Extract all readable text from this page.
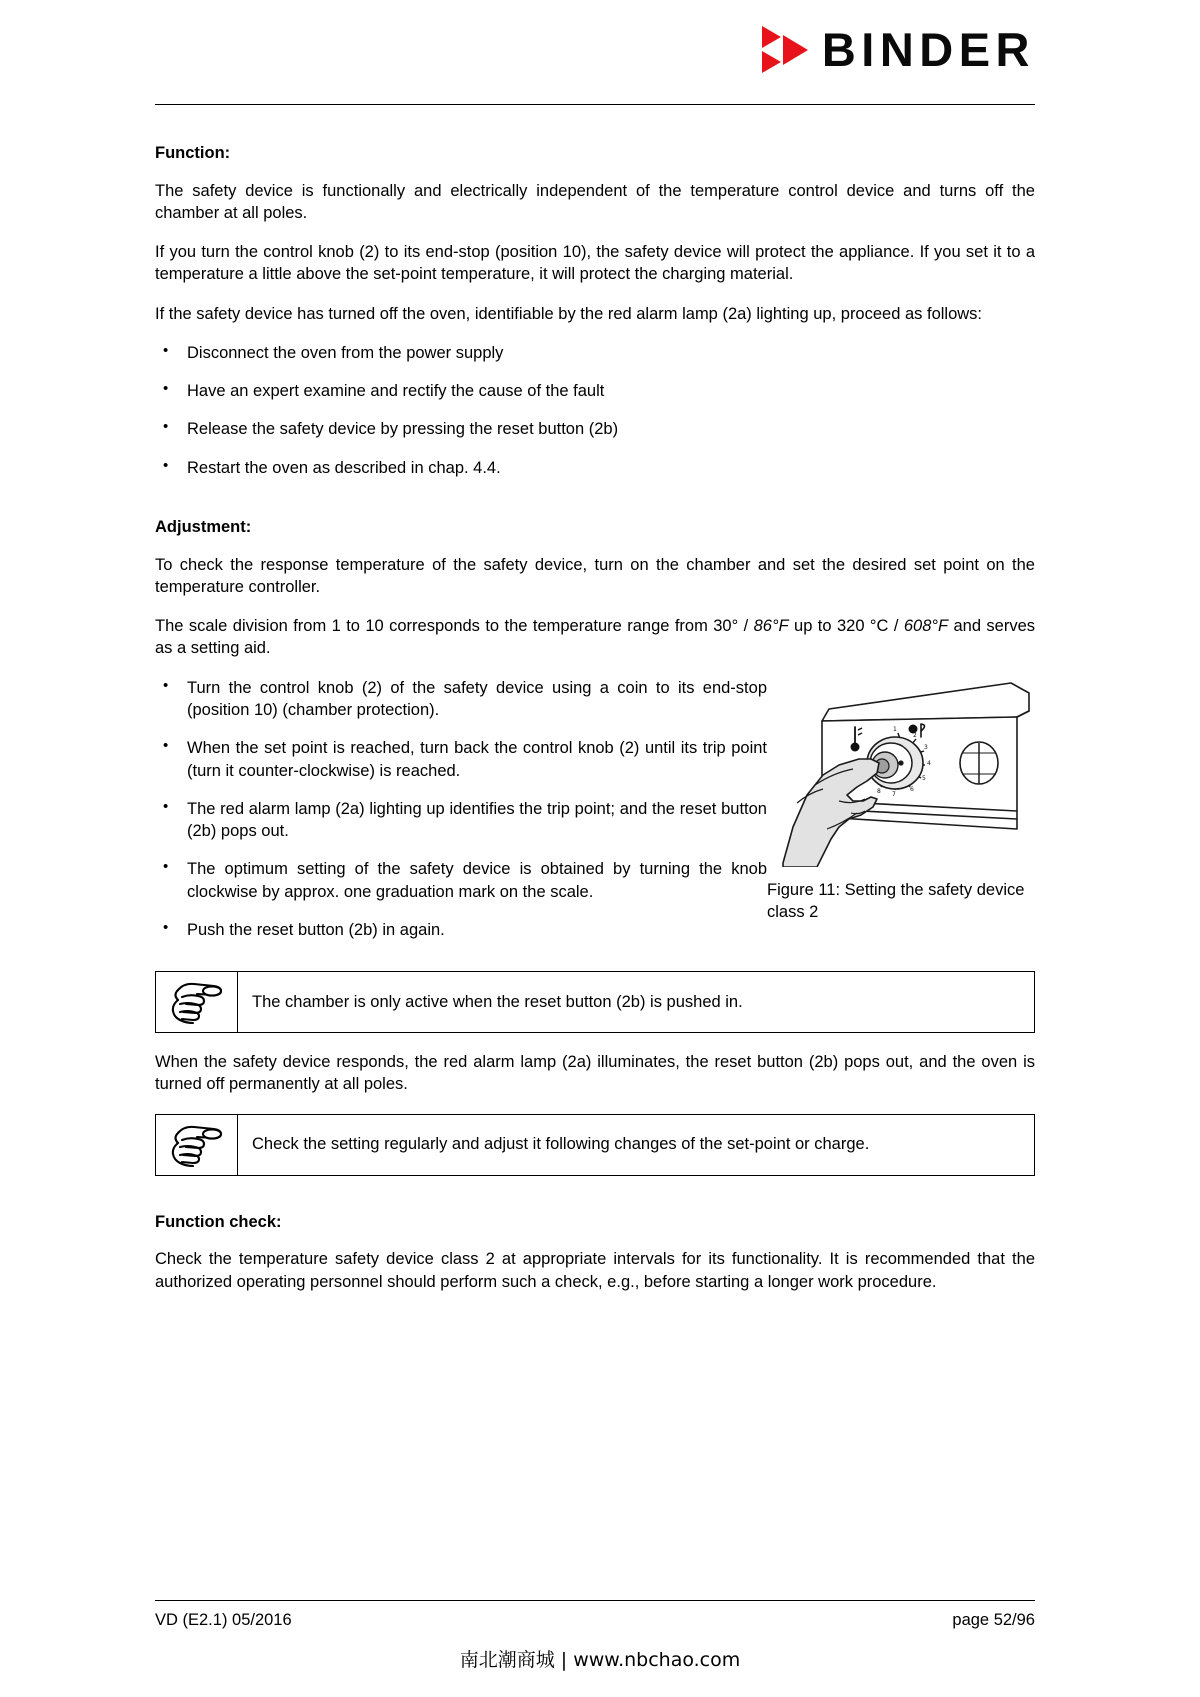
BINDER
Function:

The safety device is functionally and electrically independent of the temperature control device and turns off the chamber at all poles.

If you turn the control knob (2) to its end-stop (position 10), the safety device will protect the appliance. If you set it to a temperature a little above the set-point temperature, it will protect the charging material.

If the safety device has turned off the oven, identifiable by the red alarm lamp (2a) lighting up, proceed as follows:

• Disconnect the oven from the power supply
• Have an expert examine and rectify the cause of the fault
• Release the safety device by pressing the reset button (2b)
• Restart the oven as described in chap. 4.4.
Adjustment:

To check the response temperature of the safety device, turn on the chamber and set the desired set point on the temperature controller.

The scale division from 1 to 10 corresponds to the temperature range from 30° / 86°F up to 320 °C / 608°F and serves as a setting aid.

• Turn the control knob (2) of the safety device using a coin to its end-stop (position 10) (chamber protection).
• When the set point is reached, turn back the control knob (2) until its trip point (turn it counter-clockwise) is reached.
• The red alarm lamp (2a) lighting up identifies the trip point; and the reset button (2b) pops out.
• The optimum setting of the safety device is obtained by turning the knob clockwise by approx. one graduation mark on the scale.
• Push the reset button (2b) in again.
1
2
3
4
5
6
7
8
Figure 11: Setting the safety device class 2
The chamber is only active when the reset button (2b) is pushed in.

When the safety device responds, the red alarm lamp (2a) illuminates, the reset button (2b) pops out, and the oven is turned off permanently at all poles.

Check the setting regularly and adjust it following changes of the set-point or charge.
Function check:

Check the temperature safety device class 2 at appropriate intervals for its functionality. It is recommended that the authorized operating personnel should perform such a check, e.g., before starting a longer work procedure.

VD (E2.1) 05/2016	page 52/96
南北潮商城 | www.nbchao.com
